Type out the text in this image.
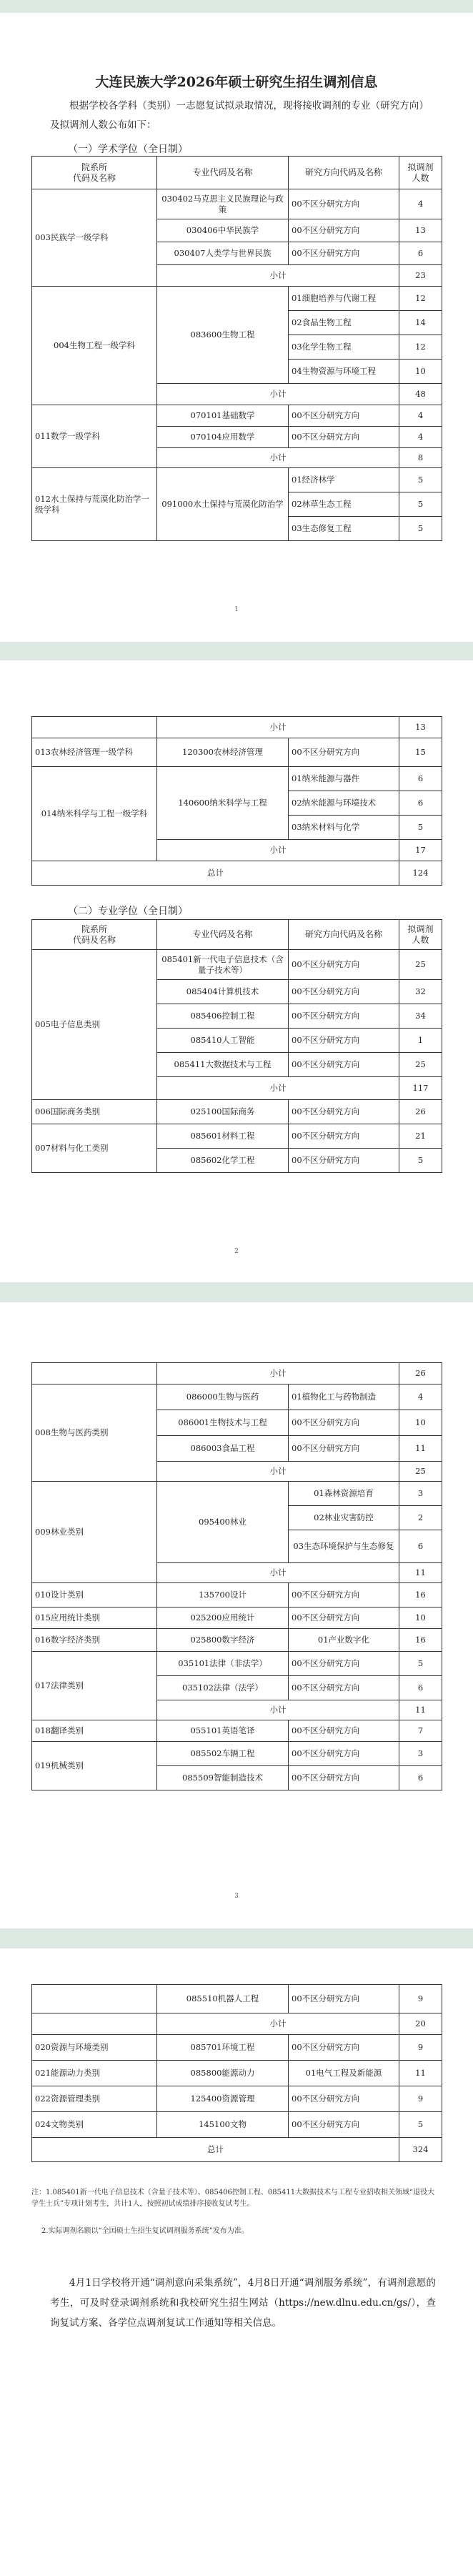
大连民族大学2026年硕士研究生招生调剂信息
根据学校各学科（类别）一志愿复试拟录取情况，现将接收调剂的专业（研究方向）及拟调剂人数公布如下：
（一）学术学位（全日制）
院系所
代码及名称	专业代码及名称	研究方向代码及名称	拟调剂
人数
003民族学一级学科	030402马克思主义民族理论与政策	00不区分研究方向	4
	030406中华民族学	00不区分研究方向	13
	030407人类学与世界民族	00不区分研究方向	6
	小计		23
004生物工程一级学科	083600生物工程	01细胞培养与代谢工程	12
		02食品生物工程	14
		03化学生物工程	12
		04生物资源与环境工程	10
	小计		48
011数学一级学科	070101基础数学	00不区分研究方向	4
	070104应用数学	00不区分研究方向	4
	小计		8
012水土保持与荒漠化防治学一级学科	091000水土保持与荒漠化防治学	01经济林学	5
		02林草生态工程	5
		03生态修复工程	5
1
	小计		13
013农林经济管理一级学科	120300农林经济管理	00不区分研究方向	15
014纳米科学与工程一级学科	140600纳米科学与工程	01纳米能源与器件	6
		02纳米能源与环境技术	6
		03纳米材料与化学	5
	小计		17
总计			124
（二）专业学位（全日制）
院系所
代码及名称	专业代码及名称	研究方向代码及名称	拟调剂
人数
005电子信息类别	085401新一代电子信息技术（含量子技术等）	00不区分研究方向	25
	085404计算机技术	00不区分研究方向	32
	085406控制工程	00不区分研究方向	34
	085410人工智能	00不区分研究方向	1
	085411大数据技术与工程	00不区分研究方向	25
	小计		117
006国际商务类别	025100国际商务	00不区分研究方向	26
007材料与化工类别	085601材料工程	00不区分研究方向	21
	085602化学工程	00不区分研究方向	5
2
	小计		26
008生物与医药类别	086000生物与医药	01植物化工与药物制造	4
	086001生物技术与工程	00不区分研究方向	10
	086003食品工程	00不区分研究方向	11
	小计		25
009林业类别	095400林业	01森林资源培育	3
		02林业灾害防控	2
		03生态环境保护与生态修复	6
	小计		11
010设计类别	135700设计	00不区分研究方向	16
015应用统计类别	025200应用统计	00不区分研究方向	10
016数字经济类别	025800数字经济	01产业数字化	16
017法律类别	035101法律（非法学）	00不区分研究方向	5
	035102法律（法学）	00不区分研究方向	6
	小计		11
018翻译类别	055101英语笔译	00不区分研究方向	7
019机械类别	085502车辆工程	00不区分研究方向	3
	085509智能制造技术	00不区分研究方向	6
3
	085510机器人工程	00不区分研究方向	9
	小计		20
020资源与环境类别	085701环境工程	00不区分研究方向	9
021能源动力类别	085800能源动力	01电气工程及新能源	11
022资源管理类别	125400资源管理	00不区分研究方向	9
024文物类别	145100文物	00不区分研究方向	5
总计			324
注：1.085401新一代电子信息技术（含量子技术等）、085406控制工程、085411大数据技术与工程专业招收相关领域“退役大学生士兵”专项计划考生，共计1人，按照初试成绩排序接收复试考生。
2.实际调剂名额以“全国硕士生招生复试调剂服务系统”发布为准。
4月1日学校将开通“调剂意向采集系统”，4月8日开通“调剂服务系统”，有调剂意愿的考生，可及时登录调剂系统和我校研究生招生网站（https://new.dlnu.edu.cn/gs/），查询复试方案、各学位点调剂复试工作通知等相关信息。
